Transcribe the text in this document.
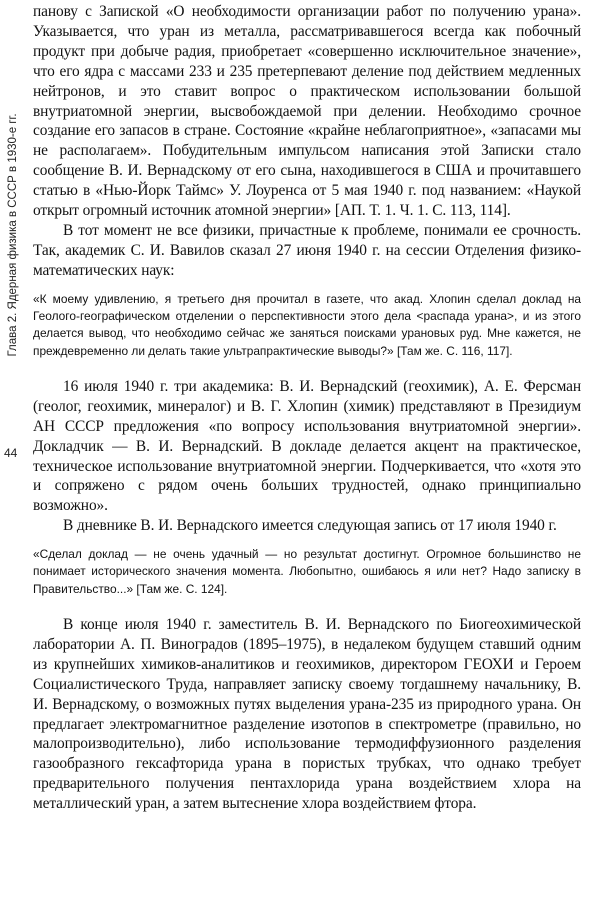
Глава 2. Ядерная физика в СССР в 1930-е гг.
44

панову с Запиской «О необходимости организации работ по получению урана». Указывается, что уран из металла, рассматривавшегося всегда как побочный продукт при добыче радия, приобретает «совершенно исключительное значение», что его ядра с массами 233 и 235 претерпевают деление под действием медленных нейтронов, и это ставит вопрос о практическом использовании большой внутриатомной энергии, высвобождаемой при делении. Необходимо срочное создание его запасов в стране. Состояние «крайне неблагоприятное», «запасами мы не располагаем». Побудительным импульсом написания этой Записки стало сообщение В. И. Вернадскому от его сына, находившегося в США и прочитавшего статью в «Нью-Йорк Таймс» У. Лоуренса от 5 мая 1940 г. под названием: «Наукой открыт огромный источник атомной энергии» [АП. Т. 1. Ч. 1. С. 113, 114].

В тот момент не все физики, причастные к проблеме, понимали ее срочность. Так, академик С. И. Вавилов сказал 27 июня 1940 г. на сессии Отделения физико-математических наук:

«К моему удивлению, я третьего дня прочитал в газете, что акад. Хлопин сделал доклад на Геолого-географическом отделении о перспективности этого дела <распада урана>, и из этого делается вывод, что необходимо сейчас же заняться поисками урановых руд. Мне кажется, не преждевременно ли делать такие ультрапрактические выводы?» [Там же. С. 116, 117].

16 июля 1940 г. три академика: В. И. Вернадский (геохимик), А. Е. Ферсман (геолог, геохимик, минералог) и В. Г. Хлопин (химик) представляют в Президиум АН СССР предложения «по вопросу использования внутриатомной энергии». Докладчик — В. И. Вернадский. В докладе делается акцент на практическое, техническое использование внутриатомной энергии. Подчеркивается, что «хотя это и сопряжено с рядом очень больших трудностей, однако принципиально возможно».

В дневнике В. И. Вернадского имеется следующая запись от 17 июля 1940 г.

«Сделал доклад — не очень удачный — но результат достигнут. Огромное большинство не понимает исторического значения момента. Любопытно, ошибаюсь я или нет? Надо записку в Правительство...» [Там же. С. 124].

В конце июля 1940 г. заместитель В. И. Вернадского по Биогеохимической лаборатории А. П. Виноградов (1895–1975), в недалеком будущем ставший одним из крупнейших химиков-аналитиков и геохимиков, директором ГЕОХИ и Героем Социалистического Труда, направляет записку своему тогдашнему начальнику, В. И. Вернадскому, о возможных путях выделения урана-235 из природного урана. Он предлагает электромагнитное разделение изотопов в спектрометре (правильно, но малопроизводительно), либо использование термодиффузионного разделения газообразного гексафторида урана в пористых трубках, что однако требует предварительного получения пентахлорида урана воздействием хлора на металлический уран, а затем вытеснение хлора воздействием фтора.
